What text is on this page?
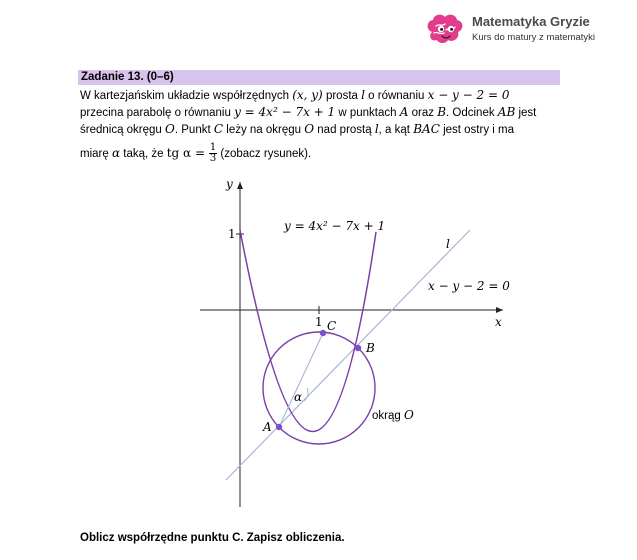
Matematyka Gryzie
Kurs do matury z matematyki
Zadanie 13. (0–6)
W kartezjańskim układzie współrzędnych (x, y) prosta l o równaniu x − y − 2 = 0
przecina parabolę o równaniu y = 4x² − 7x + 1 w punktach A oraz B. Odcinek AB jest
średnicą okręgu O. Punkt C leży na okręgu O nad prostą l, a kąt BAC jest ostry i ma
miarę α taką, że tg $\alpha = \frac{1}{3}$ (zobacz rysunek).
x
y
1
1
A
B
C
α
y = 4x² − 7x + 1
l
x − y − 2 = 0
okrąg O
Oblicz współrzędne punktu C. Zapisz obliczenia.
